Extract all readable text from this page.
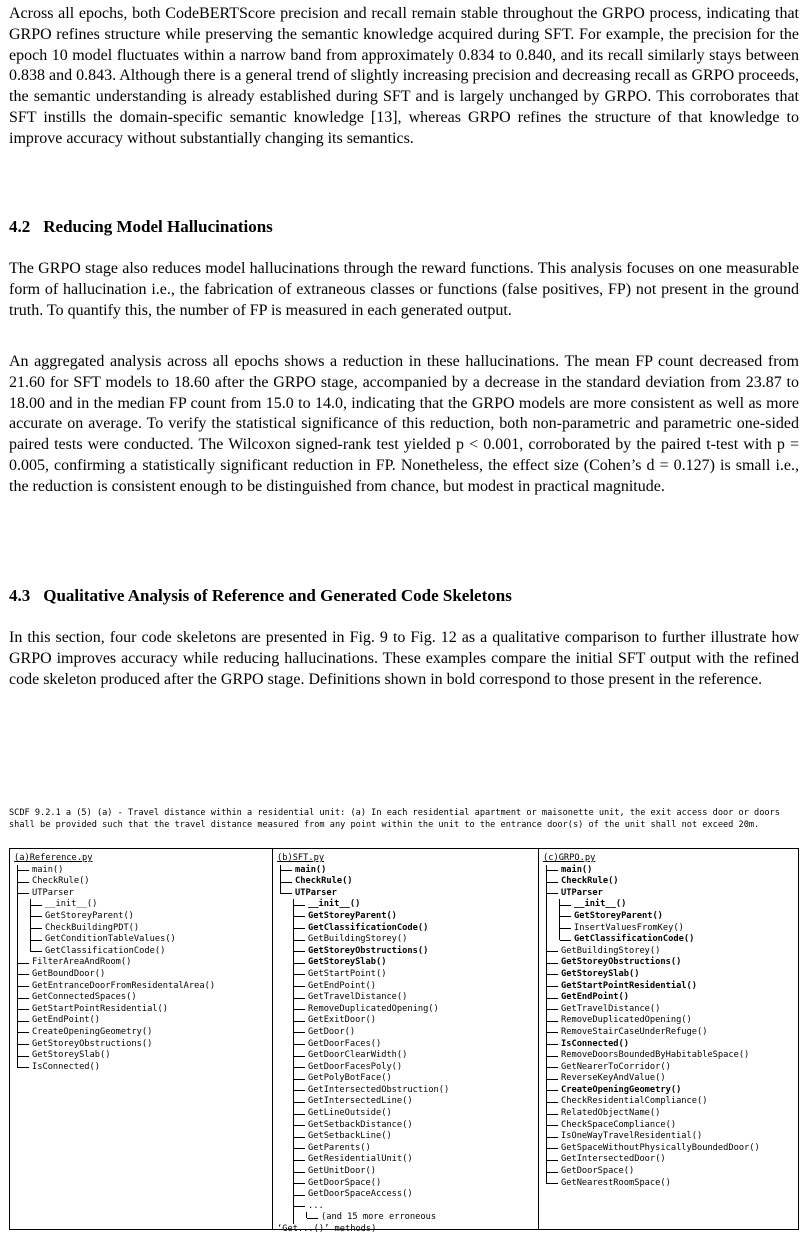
Across all epochs, both CodeBERTScore precision and recall remain stable throughout the GRPO process, indicating that GRPO refines structure while preserving the semantic knowledge acquired during SFT. For example, the precision for the epoch 10 model fluctuates within a narrow band from approximately 0.834 to 0.840, and its recall similarly stays between 0.838 and 0.843. Although there is a general trend of slightly increasing precision and decreasing recall as GRPO proceeds, the semantic understanding is already established during SFT and is largely unchanged by GRPO. This corroborates that SFT instills the domain-specific semantic knowledge [13], whereas GRPO refines the structure of that knowledge to improve accuracy without substantially changing its semantics.

4.2 Reducing Model Hallucinations

The GRPO stage also reduces model hallucinations through the reward functions. This analysis focuses on one measurable form of hallucination i.e., the fabrication of extraneous classes or functions (false positives, FP) not present in the ground truth. To quantify this, the number of FP is measured in each generated output.

An aggregated analysis across all epochs shows a reduction in these hallucinations. The mean FP count decreased from 21.60 for SFT models to 18.60 after the GRPO stage, accompanied by a decrease in the standard deviation from 23.87 to 18.00 and in the median FP count from 15.0 to 14.0, indicating that the GRPO models are more consistent as well as more accurate on average. To verify the statistical significance of this reduction, both non-parametric and parametric one-sided paired tests were conducted. The Wilcoxon signed-rank test yielded p < 0.001, corroborated by the paired t-test with p = 0.005, confirming a statistically significant reduction in FP. Nonetheless, the effect size (Cohen’s d = 0.127) is small i.e., the reduction is consistent enough to be distinguished from chance, but modest in practical magnitude.

4.3 Qualitative Analysis of Reference and Generated Code Skeletons

In this section, four code skeletons are presented in Fig. 9 to Fig. 12 as a qualitative comparison to further illustrate how GRPO improves accuracy while reducing hallucinations. These examples compare the initial SFT output with the refined code skeleton produced after the GRPO stage. Definitions shown in bold correspond to those present in the reference.

SCDF 9.2.1 a (5) (a) - Travel distance within a residential unit: (a) In each residential apartment or maisonette unit, the exit access door or doors shall be provided such that the travel distance measured from any point within the unit to the entrance door(s) of the unit shall not exceed 20m.
(a)Reference.py
main()
CheckRule()
UTParser
__init__()
GetStoreyParent()
CheckBuildingPDT()
GetConditionTableValues()
GetClassificationCode()
FilterAreaAndRoom()
GetBoundDoor()
GetEntranceDoorFromResidentalArea()
GetConnectedSpaces()
GetStartPointResidential()
GetEndPoint()
CreateOpeningGeometry()
GetStoreyObstructions()
GetStoreySlab()
IsConnected()
(b)SFT.py
main()
CheckRule()
UTParser
__init__()
GetStoreyParent()
GetClassificationCode()
GetBuildingStorey()
GetStoreyObstructions()
GetStoreySlab()
GetStartPoint()
GetEndPoint()
GetTravelDistance()
RemoveDuplicatedOpening()
GetExitDoor()
GetDoor()
GetDoorFaces()
GetDoorClearWidth()
GetDoorFacesPoly()
GetPolyBotFace()
GetIntersectedObstruction()
GetIntersectedLine()
GetLineOutside()
GetSetbackDistance()
GetSetbackLine()
GetParents()
GetResidentialUnit()
GetUnitDoor()
GetDoorSpace()
GetDoorSpaceAccess()
...
(and 15 more erroneous
‘Get...()’ methods)
(c)GRPO.py
main()
CheckRule()
UTParser
__init__()
GetStoreyParent()
InsertValuesFromKey()
GetClassificationCode()
GetBuildingStorey()
GetStoreyObstructions()
GetStoreySlab()
GetStartPointResidential()
GetEndPoint()
GetTravelDistance()
RemoveDuplicatedOpening()
RemoveStairCaseUnderRefuge()
IsConnected()
RemoveDoorsBoundedByHabitableSpace()
GetNearerToCorridor()
ReverseKeyAndValue()
CreateOpeningGeometry()
CheckResidentialCompliance()
RelatedObjectName()
CheckSpaceCompliance()
IsOneWayTravelResidential()
GetSpaceWithoutPhysicallyBoundedDoor()
GetIntersectedDoor()
GetDoorSpace()
GetNearestRoomSpace()
